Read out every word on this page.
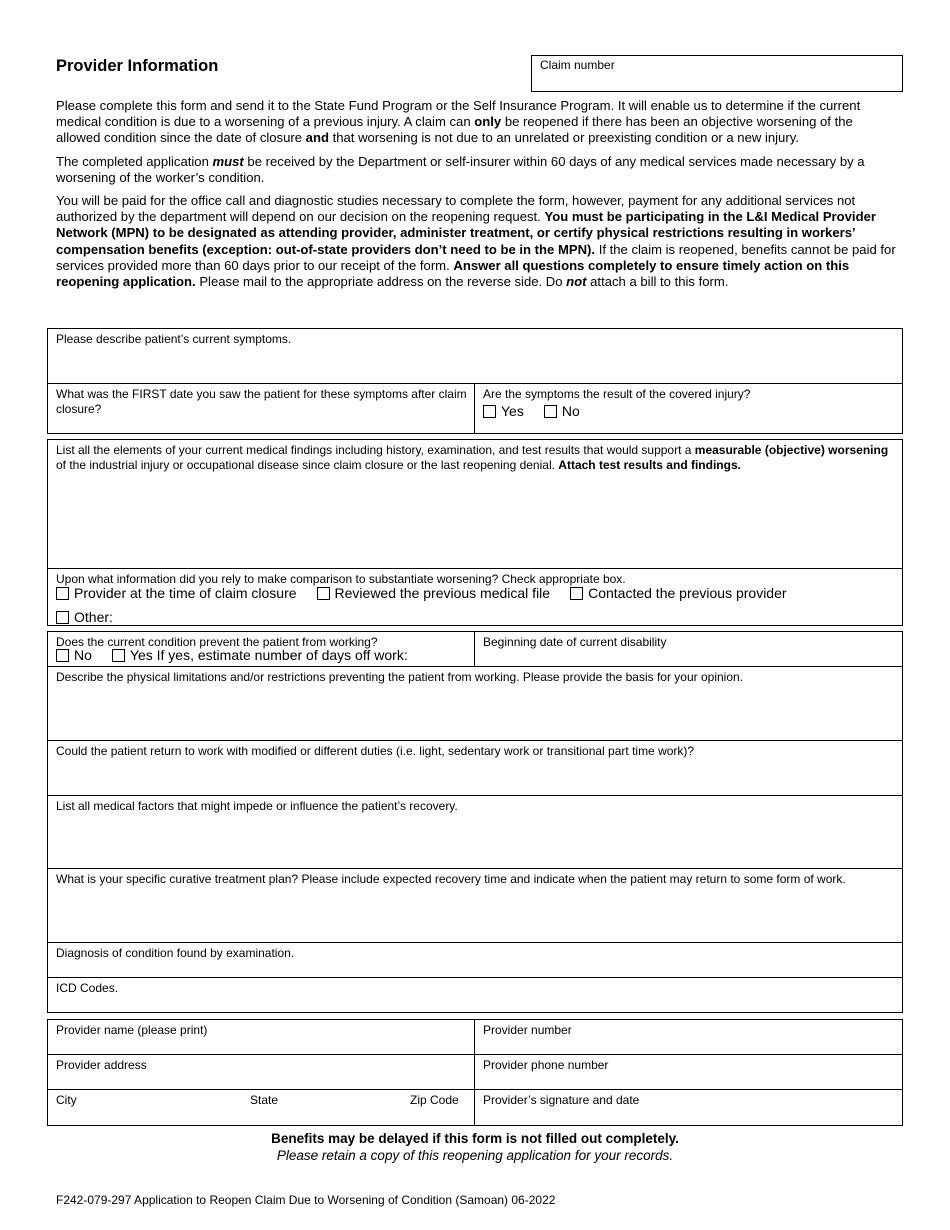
Provider Information	Claim number

Please complete this form and send it to the State Fund Program or the Self Insurance Program. It will enable us to determine if the current medical condition is due to a worsening of a previous injury. A claim can only be reopened if there has been an objective worsening of the allowed condition since the date of closure and that worsening is not due to an unrelated or preexisting condition or a new injury.

The completed application must be received by the Department or self-insurer within 60 days of any medical services made necessary by a worsening of the worker’s condition.

You will be paid for the office call and diagnostic studies necessary to complete the form, however, payment for any additional services not authorized by the department will depend on our decision on the reopening request. You must be participating in the L&I Medical Provider Network (MPN) to be designated as attending provider, administer treatment, or certify physical restrictions resulting in workers’ compensation benefits (exception: out-of-state providers don’t need to be in the MPN). If the claim is reopened, benefits cannot be paid for services provided more than 60 days prior to our receipt of the form. Answer all questions completely to ensure timely action on this reopening application. Please mail to the appropriate address on the reverse side. Do not attach a bill to this form.

Please describe patient’s current symptoms.
What was the FIRST date you saw the patient for these symptoms after claim closure?
Are the symptoms the result of the covered injury?
Yes	No
List all the elements of your current medical findings including history, examination, and test results that would support a measurable (objective) worsening of the industrial injury or occupational disease since claim closure or the last reopening denial. Attach test results and findings.
Upon what information did you rely to make comparison to substantiate worsening? Check appropriate box.
Provider at the time of claim closure	Reviewed the previous medical file	Contacted the previous provider
Other:
Does the current condition prevent the patient from working?
No	Yes If yes, estimate number of days off work:
Beginning date of current disability
Describe the physical limitations and/or restrictions preventing the patient from working. Please provide the basis for your opinion.
Could the patient return to work with modified or different duties (i.e. light, sedentary work or transitional part time work)?
List all medical factors that might impede or influence the patient’s recovery.
What is your specific curative treatment plan? Please include expected recovery time and indicate when the patient may return to some form of work.
Diagnosis of condition found by examination.
ICD Codes.
Provider name (please print)	Provider number
Provider address	Provider phone number
City	State	Zip Code	Provider’s signature and date
Benefits may be delayed if this form is not filled out completely.
Please retain a copy of this reopening application for your records.
F242-079-297 Application to Reopen Claim Due to Worsening of Condition (Samoan) 06-2022
